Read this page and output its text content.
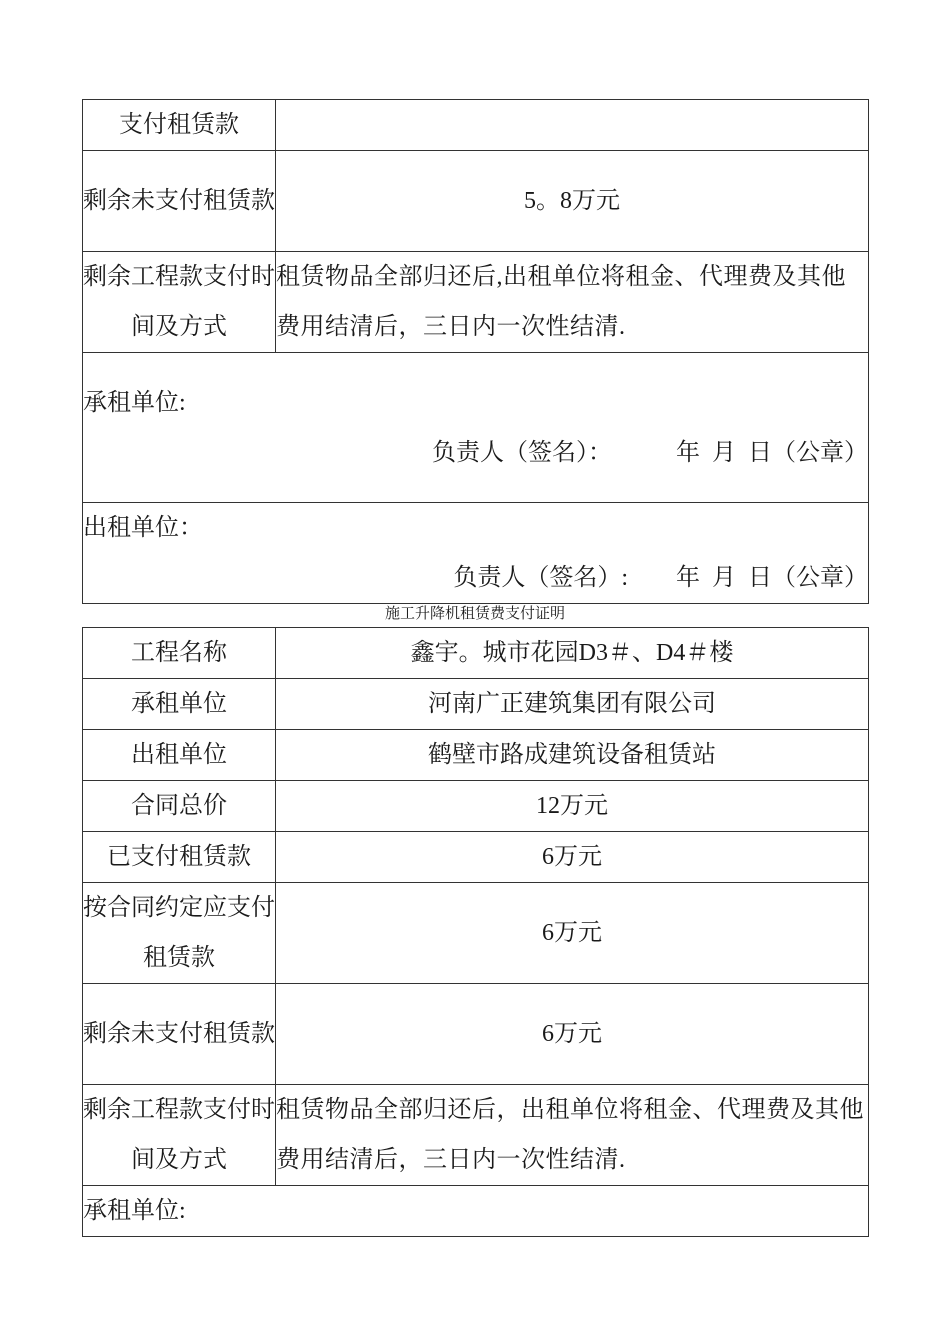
支付租赁款	
剩余未支付租赁款	5。8万元
剩余工程款支付时间及方式	租赁物品全部归还后,出租单位将租金、代理费及其他费用结清后，三日内一次性结清.

承租单位:
负责人（签名）： 年  月  日（公章）	

出租单位：
负责人（签名）: 年  月  日（公章）	
施工升降机租赁费支付证明
工程名称	鑫宇。城市花园D3＃、D4＃楼
承租单位	河南广正建筑集团有限公司
出租单位	鹤壁市路成建筑设备租赁站
合同总价	12万元
已支付租赁款	6万元
按合同约定应支付租赁款	6万元
剩余未支付租赁款	6万元
剩余工程款支付时间及方式	租赁物品全部归还后，出租单位将租金、代理费及其他费用结清后，三日内一次性结清.

承租单位:	
